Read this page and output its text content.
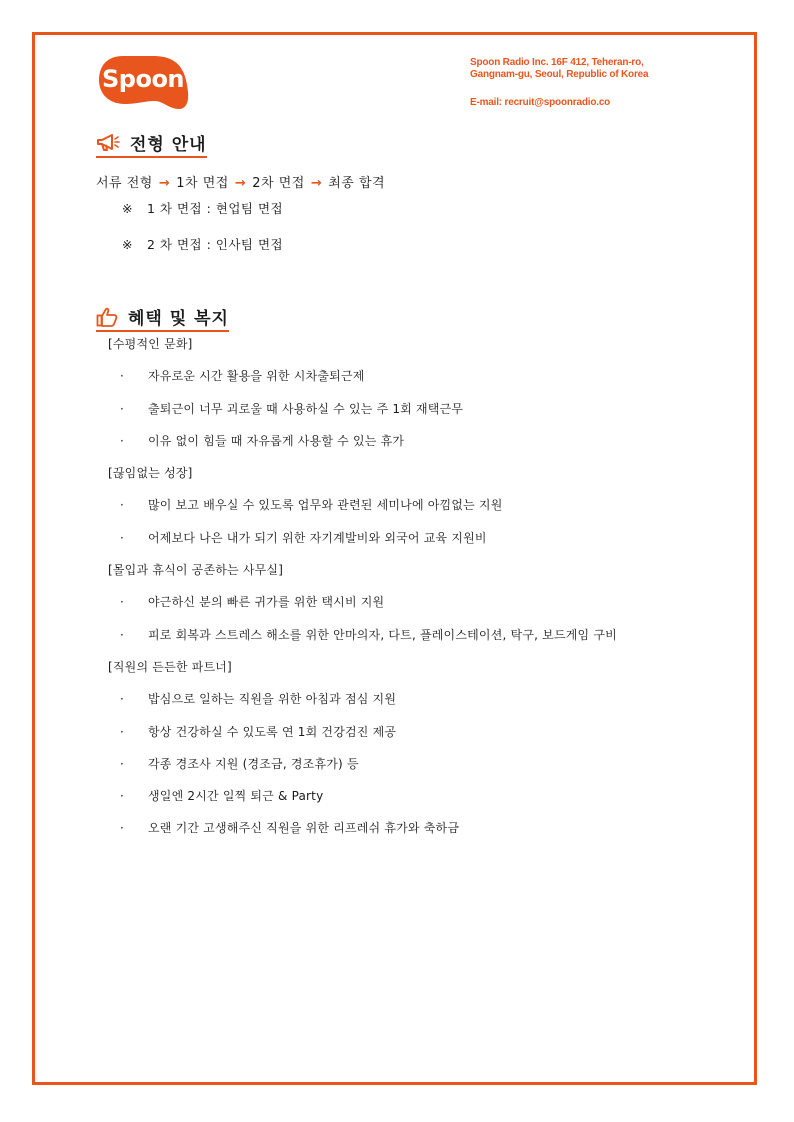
Spoon
Spoon Radio Inc. 16F 412, Teheran-ro,
Gangnam-gu, Seoul, Republic of Korea
E-mail: recruit@spoonradio.co
전형 안내
서류 전형 → 1차 면접 → 2차 면접 → 최종 합격
※ 1 차 면접 : 현업팀 면접
※ 2 차 면접 : 인사팀 면접
혜택 및 복지
[수평적인 문화]
·	자유로운 시간 활용을 위한 시차출퇴근제
·	출퇴근이 너무 괴로울 때 사용하실 수 있는 주 1회 재택근무
·	이유 없이 힘들 때 자유롭게 사용할 수 있는 휴가
[끊임없는 성장]
·	많이 보고 배우실 수 있도록 업무와 관련된 세미나에 아낌없는 지원
·	어제보다 나은 내가 되기 위한 자기계발비와 외국어 교육 지원비
[몰입과 휴식이 공존하는 사무실]
·	야근하신 분의 빠른 귀가를 위한 택시비 지원
·	피로 회복과 스트레스 해소를 위한 안마의자, 다트, 플레이스테이션, 탁구, 보드게임 구비
[직원의 든든한 파트너]
·	밥심으로 일하는 직원을 위한 아침과 점심 지원
·	항상 건강하실 수 있도록 연 1회 건강검진 제공
·	각종 경조사 지원 (경조금, 경조휴가) 등
·	생일엔 2시간 일찍 퇴근 & Party
·	오랜 기간 고생해주신 직원을 위한 리프레쉬 휴가와 축하금
